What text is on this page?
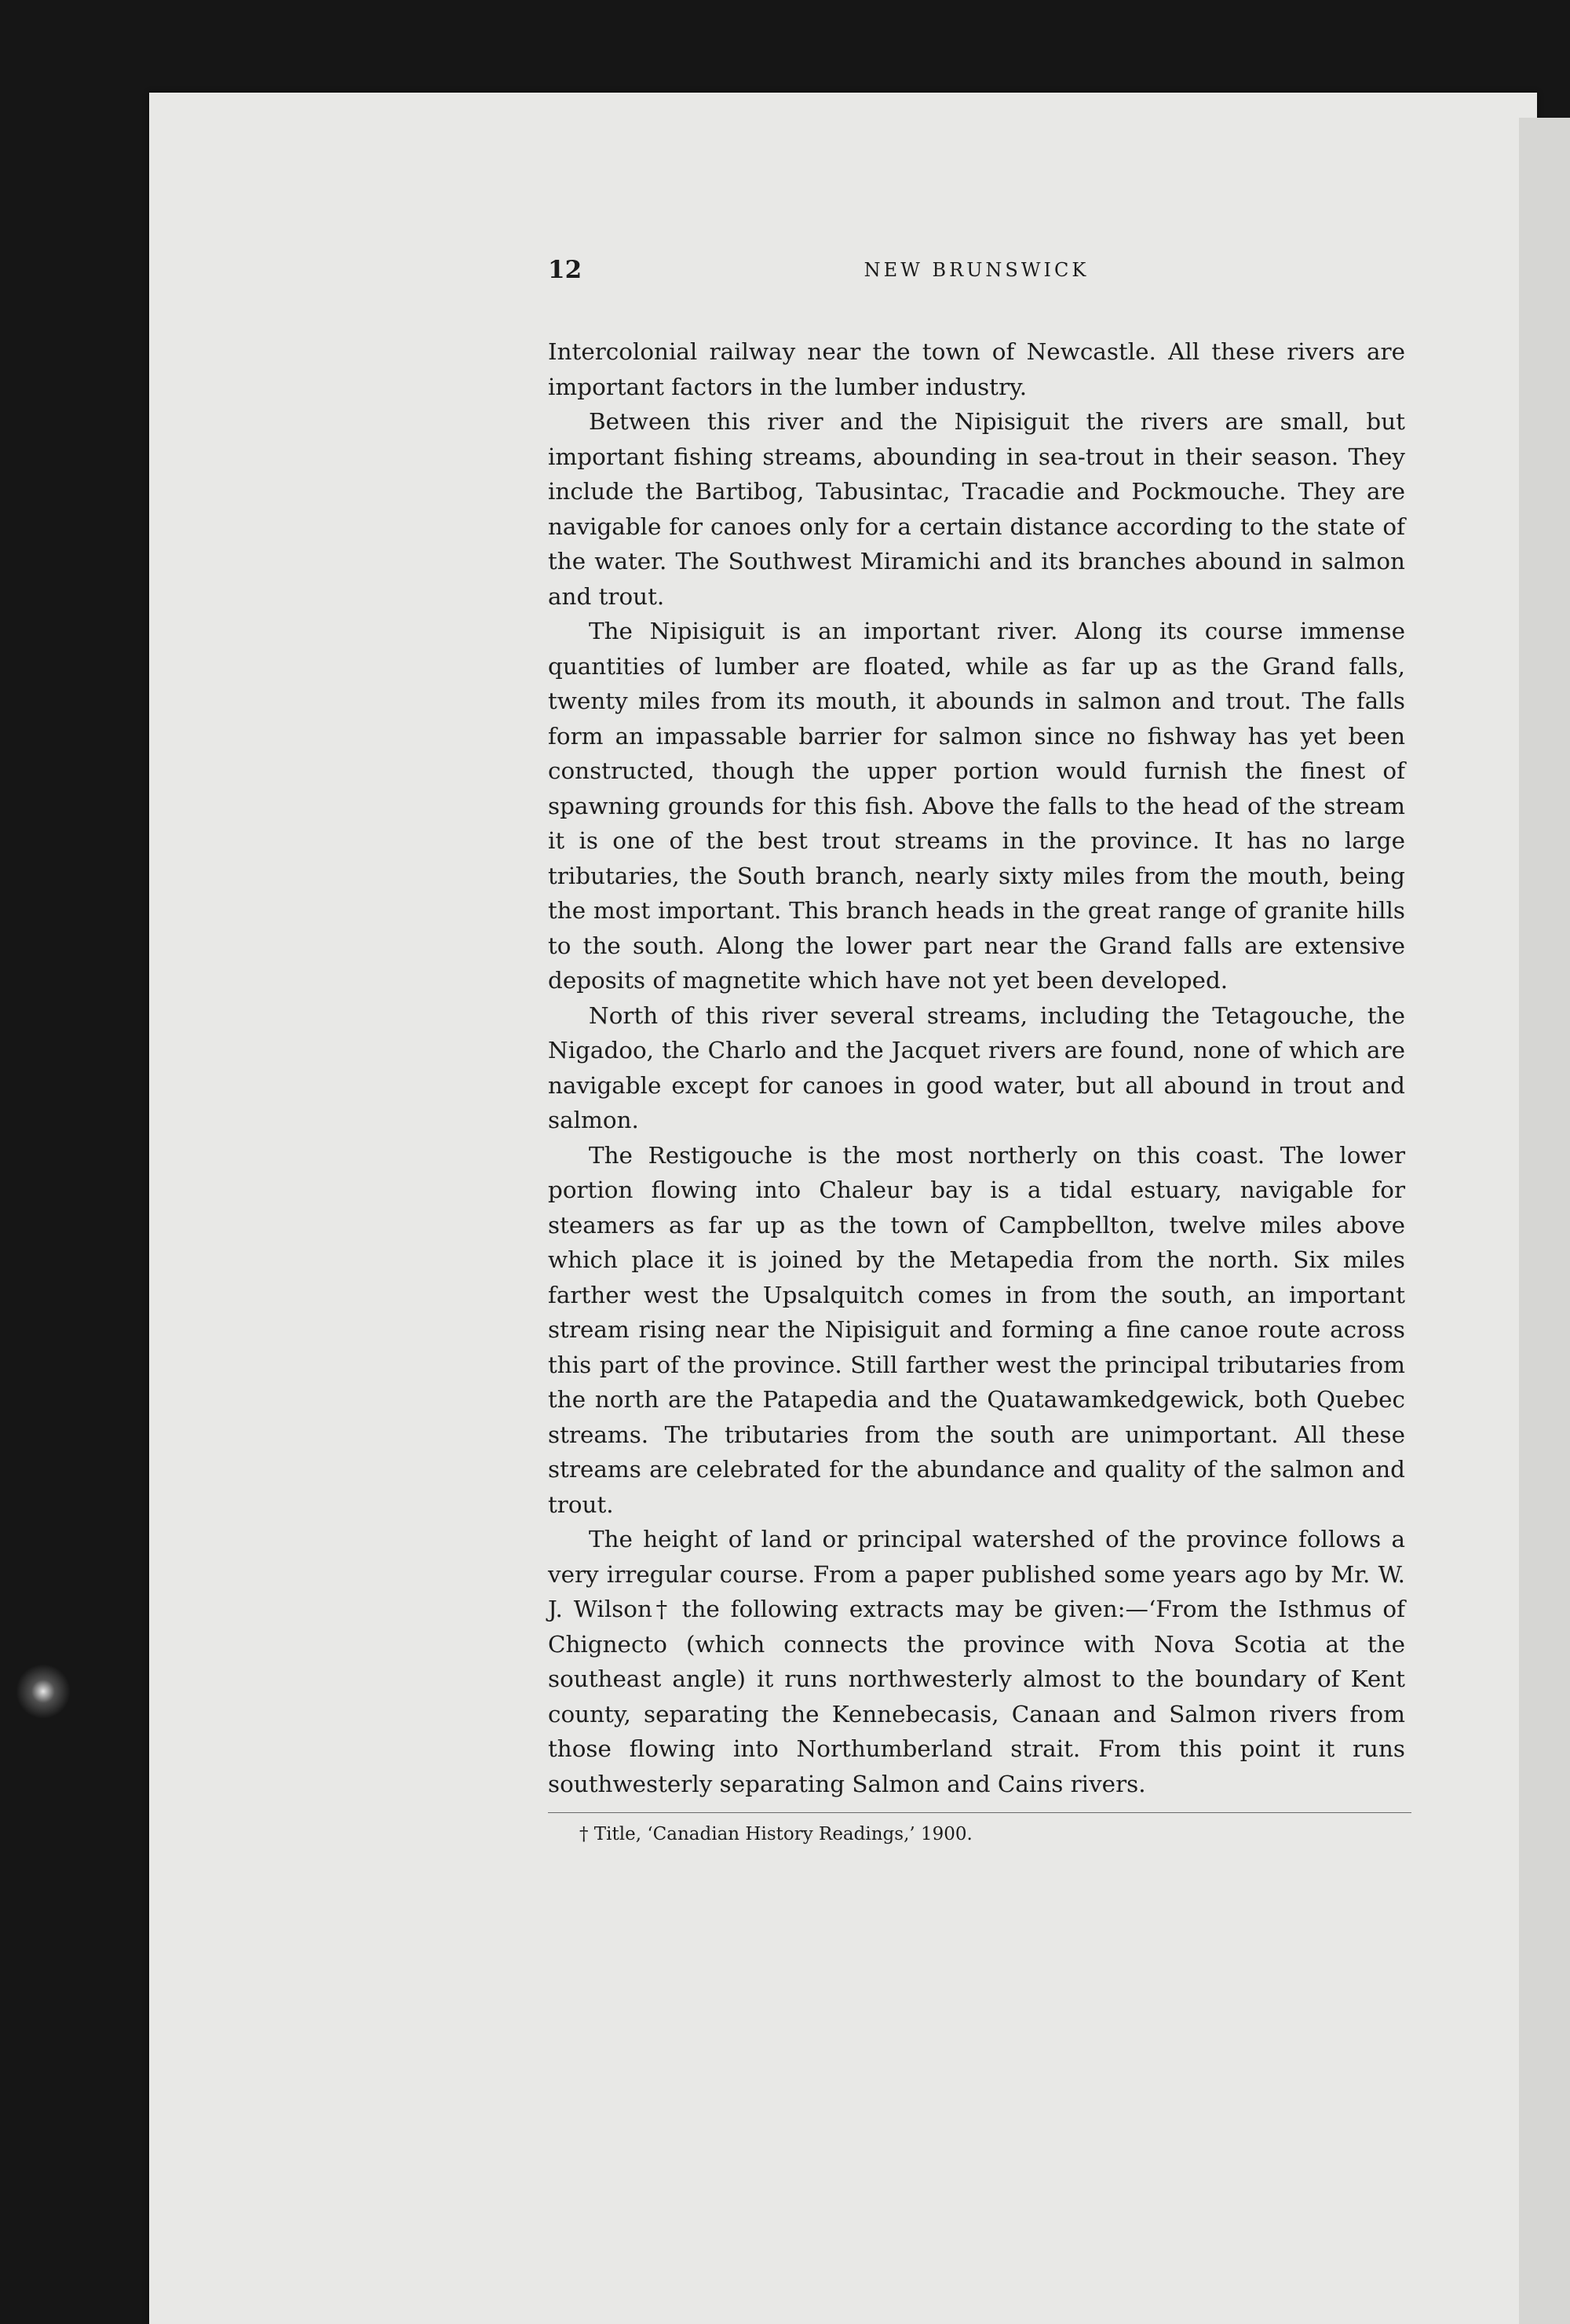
12	NEW BRUNSWICK

Intercolonial railway near the town of Newcastle. All these rivers are important factors in the lumber industry.

Between this river and the Nipisiguit the rivers are small, but important fishing streams, abounding in sea-trout in their season. They include the Bartibog, Tabusintac, Tracadie and Pockmouche. They are navigable for canoes only for a certain distance according to the state of the water. The Southwest Miramichi and its branches abound in salmon and trout.

The Nipisiguit is an important river. Along its course immense quantities of lumber are floated, while as far up as the Grand falls, twenty miles from its mouth, it abounds in salmon and trout. The falls form an impassable barrier for salmon since no fishway has yet been constructed, though the upper portion would furnish the finest of spawning grounds for this fish. Above the falls to the head of the stream it is one of the best trout streams in the province. It has no large tributaries, the South branch, nearly sixty miles from the mouth, being the most important. This branch heads in the great range of granite hills to the south. Along the lower part near the Grand falls are extensive deposits of magnetite which have not yet been developed.

North of this river several streams, including the Tetagouche, the Nigadoo, the Charlo and the Jacquet rivers are found, none of which are navigable except for canoes in good water, but all abound in trout and salmon.

The Restigouche is the most northerly on this coast. The lower portion flowing into Chaleur bay is a tidal estuary, navigable for steamers as far up as the town of Campbellton, twelve miles above which place it is joined by the Metapedia from the north. Six miles farther west the Upsalquitch comes in from the south, an important stream rising near the Nipisiguit and forming a fine canoe route across this part of the province. Still farther west the principal tributaries from the north are the Patapedia and the Quatawamkedgewick, both Quebec streams. The tributaries from the south are unimportant. All these streams are celebrated for the abundance and quality of the salmon and trout.

The height of land or principal watershed of the province follows a very irregular course. From a paper published some years ago by Mr. W. J. Wilson† the following extracts may be given:—‘From the Isthmus of Chignecto (which connects the province with Nova Scotia at the southeast angle) it runs northwesterly almost to the boundary of Kent county, separating the Kennebecasis, Canaan and Salmon rivers from those flowing into Northumberland strait. From this point it runs southwesterly separating Salmon and Cains rivers.

† Title, ‘Canadian History Readings,’ 1900.
